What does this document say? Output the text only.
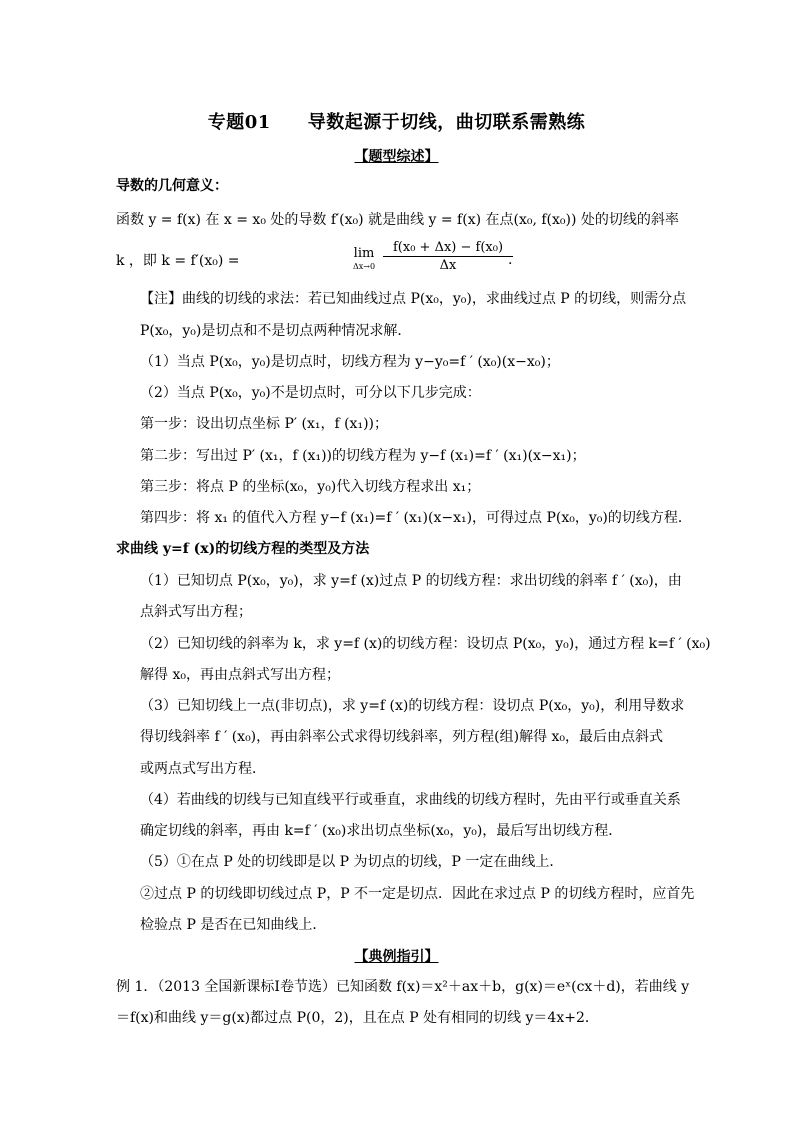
专题01　　导数起源于切线，曲切联系需熟练
【题型综述】
导数的几何意义：
函数 y = f(x) 在 x = x₀ 处的导数 f′(x₀) 就是曲线 y = f(x) 在点(x₀, f(x₀)) 处的切线的斜率
k ，即 k = f′(x₀) =	lim
$\Delta x\to 0 \frac{\text{f(x₀ + Δx) − f(x₀)}}{\Delta x}$
.
【注】曲线的切线的求法：若已知曲线过点 P(x₀，y₀)，求曲线过点 P 的切线，则需分点
P(x₀，y₀)是切点和不是切点两种情况求解．
（1）当点 P(x₀，y₀)是切点时，切线方程为 y−y₀=f ′ (x₀)(x−x₀)；
（2）当点 P(x₀，y₀)不是切点时，可分以下几步完成：
第一步：设出切点坐标 P′ (x₁，f (x₁))；
第二步：写出过 P′ (x₁，f (x₁))的切线方程为 y−f (x₁)=f ′ (x₁)(x−x₁)；
第三步：将点 P 的坐标(x₀，y₀)代入切线方程求出 x₁；
第四步：将 x₁ 的值代入方程 y−f (x₁)=f ′ (x₁)(x−x₁)，可得过点 P(x₀，y₀)的切线方程．
求曲线 y=f (x)的切线方程的类型及方法
（1）已知切点 P(x₀，y₀)，求 y=f (x)过点 P 的切线方程：求出切线的斜率 f ′ (x₀)，由
点斜式写出方程；
（2）已知切线的斜率为 k，求 y=f (x)的切线方程：设切点 P(x₀，y₀)，通过方程 k=f ′ (x₀)
解得 x₀，再由点斜式写出方程；
（3）已知切线上一点(非切点)，求 y=f (x)的切线方程：设切点 P(x₀，y₀)，利用导数求
得切线斜率 f ′ (x₀)，再由斜率公式求得切线斜率，列方程(组)解得 x₀，最后由点斜式
或两点式写出方程．
（4）若曲线的切线与已知直线平行或垂直，求曲线的切线方程时，先由平行或垂直关系
确定切线的斜率，再由 k=f ′ (x₀)求出切点坐标(x₀，y₀)，最后写出切线方程．
（5）①在点 P 处的切线即是以 P 为切点的切线，P 一定在曲线上．
②过点 P 的切线即切线过点 P，P 不一定是切点．因此在求过点 P 的切线方程时，应首先
检验点 P 是否在已知曲线上．
【典例指引】
例 1．（2013 全国新课标Ⅰ卷节选）已知函数 f(x)＝x²＋ax＋b，g(x)＝eˣ(cx＋d)，若曲线 y
＝f(x)和曲线 y＝g(x)都过点 P(0，2)，且在点 P 处有相同的切线 y＝4x+2．
